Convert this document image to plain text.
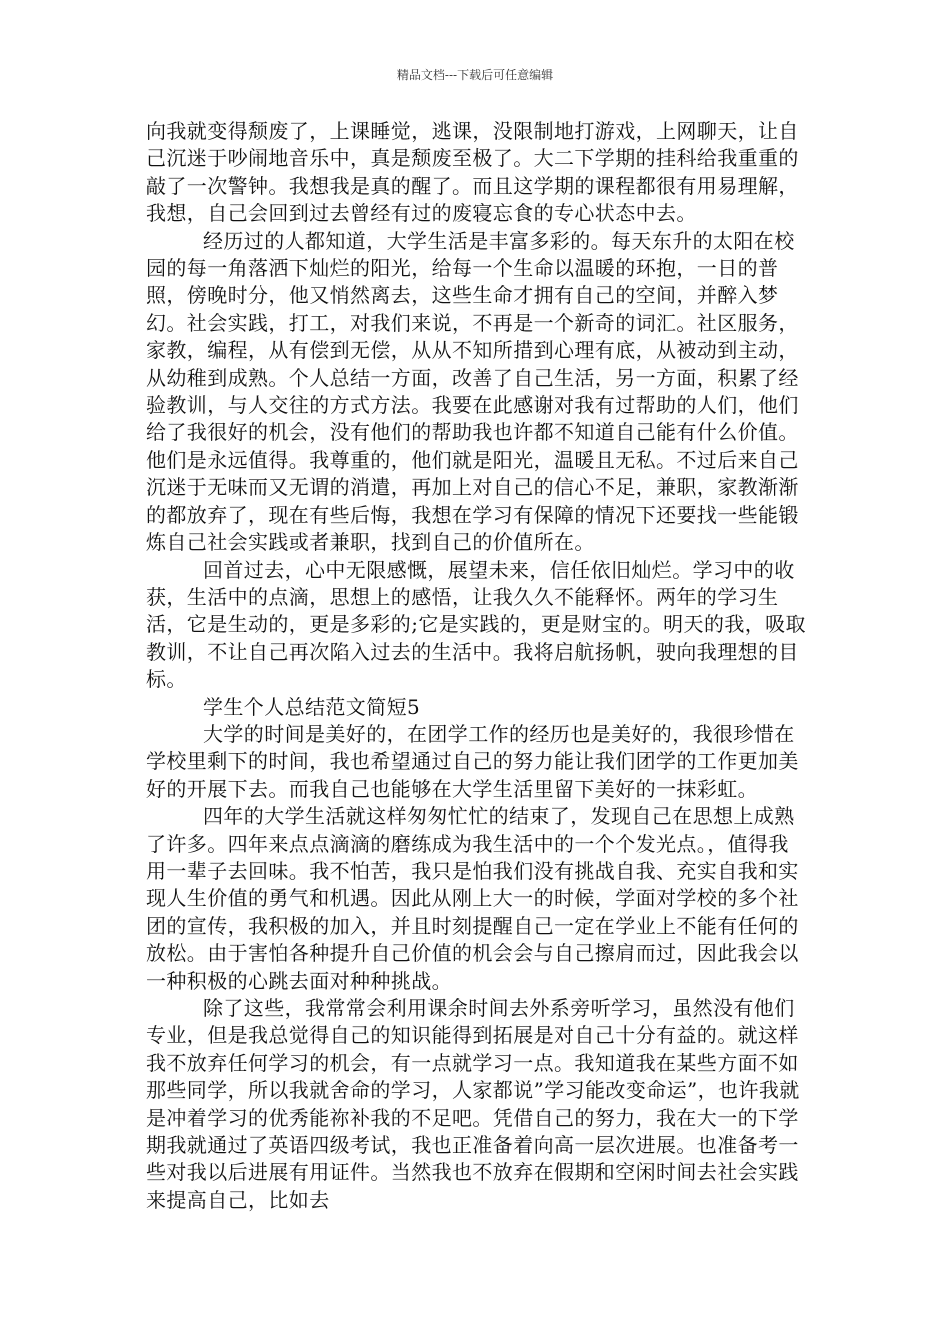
精品文档---下载后可任意编辑

向我就变得颓废了，上课睡觉，逃课，没限制地打游戏，上网聊天，让自己沉迷于吵闹地音乐中，真是颓废至极了。大二下学期的挂科给我重重的敲了一次警钟。我想我是真的醒了。而且这学期的课程都很有用易理解，我想，自己会回到过去曾经有过的废寝忘食的专心状态中去。

经历过的人都知道，大学生活是丰富多彩的。每天东升的太阳在校园的每一角落洒下灿烂的阳光，给每一个生命以温暖的环抱，一日的普照，傍晚时分，他又悄然离去，这些生命才拥有自己的空间，并醉入梦幻。社会实践，打工，对我们来说，不再是一个新奇的词汇。社区服务，家教，编程，从有偿到无偿，从从不知所措到心理有底，从被动到主动，从幼稚到成熟。个人总结一方面，改善了自己生活，另一方面，积累了经验教训，与人交往的方式方法。我要在此感谢对我有过帮助的人们，他们给了我很好的机会，没有他们的帮助我也许都不知道自己能有什么价值。他们是永远值得。我尊重的，他们就是阳光，温暖且无私。不过后来自己沉迷于无味而又无谓的消遣，再加上对自己的信心不足，兼职，家教渐渐的都放弃了，现在有些后悔，我想在学习有保障的情况下还要找一些能锻炼自己社会实践或者兼职，找到自己的价值所在。

回首过去，心中无限感慨，展望未来，信任依旧灿烂。学习中的收获，生活中的点滴，思想上的感悟，让我久久不能释怀。两年的学习生活，它是生动的，更是多彩的;它是实践的，更是财宝的。明天的我，吸取教训，不让自己再次陷入过去的生活中。我将启航扬帆，驶向我理想的目标。

学生个人总结范文简短5

大学的时间是美好的，在团学工作的经历也是美好的，我很珍惜在学校里剩下的时间，我也希望通过自己的努力能让我们团学的工作更加美好的开展下去。而我自己也能够在大学生活里留下美好的一抹彩虹。

四年的大学生活就这样匆匆忙忙的结束了，发现自己在思想上成熟了许多。四年来点点滴滴的磨练成为我生活中的一个个发光点。，值得我用一辈子去回味。我不怕苦，我只是怕我们没有挑战自我、充实自我和实现人生价值的勇气和机遇。因此从刚上大一的时候，学面对学校的多个社团的宣传，我积极的加入，并且时刻提醒自己一定在学业上不能有任何的放松。由于害怕各种提升自己价值的机会会与自己擦肩而过，因此我会以一种积极的心跳去面对种种挑战。

除了这些，我常常会利用课余时间去外系旁听学习，虽然没有他们专业，但是我总觉得自己的知识能得到拓展是对自己十分有益的。就这样我不放弃任何学习的机会，有一点就学习一点。我知道我在某些方面不如那些同学，所以我就舍命的学习，人家都说”学习能改变命运”，也许我就是冲着学习的优秀能祢补我的不足吧。凭借自己的努力，我在大一的下学期我就通过了英语四级考试，我也正准备着向高一层次进展。也准备考一些对我以后进展有用证件。当然我也不放弃在假期和空闲时间去社会实践来提高自己，比如去
